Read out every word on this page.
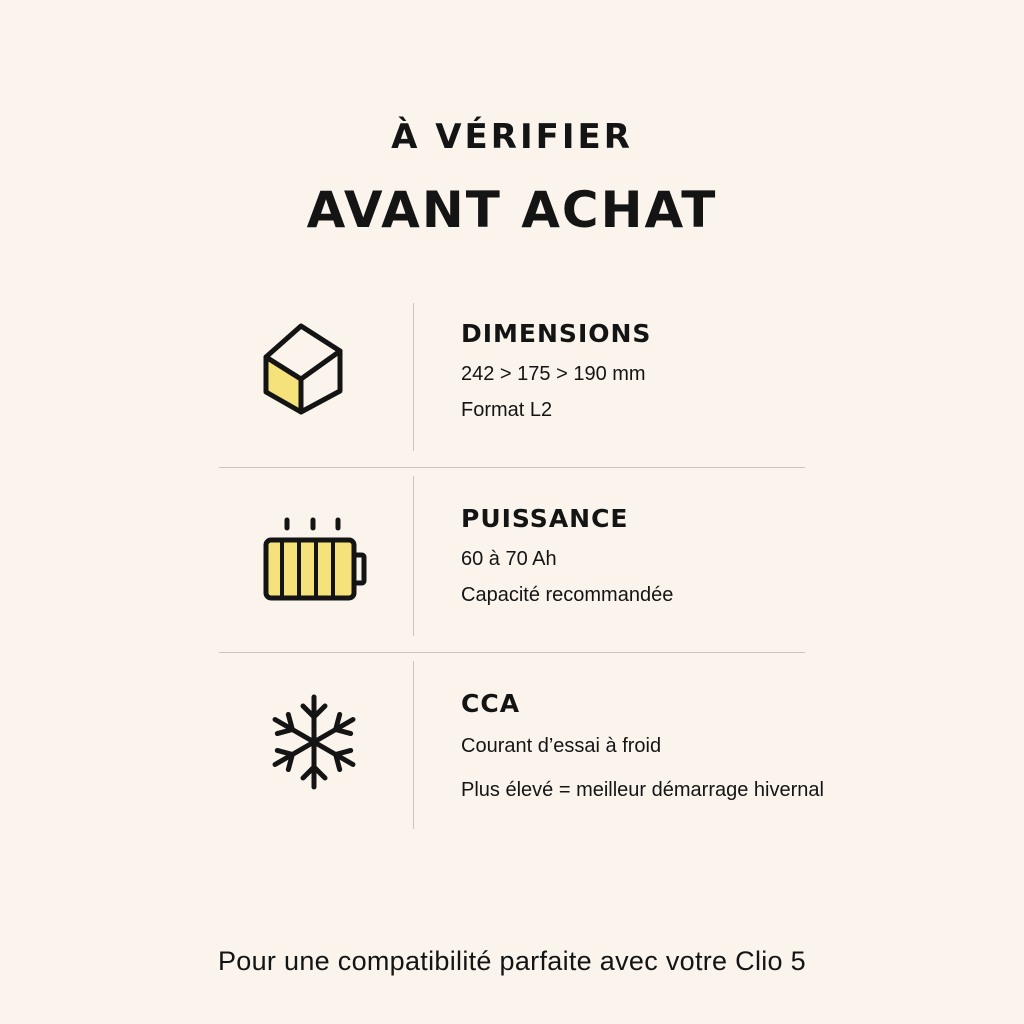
À VÉRIFIER
AVANT ACHAT

DIMENSIONS

242 > 175 > 190 mm

Format L2

PUISSANCE

60 à 70 Ah

Capacité recommandée

CCA

Courant d’essai à froid

Plus élevé = meilleur démarrage hivernal

Pour une compatibilité parfaite avec votre Clio 5
